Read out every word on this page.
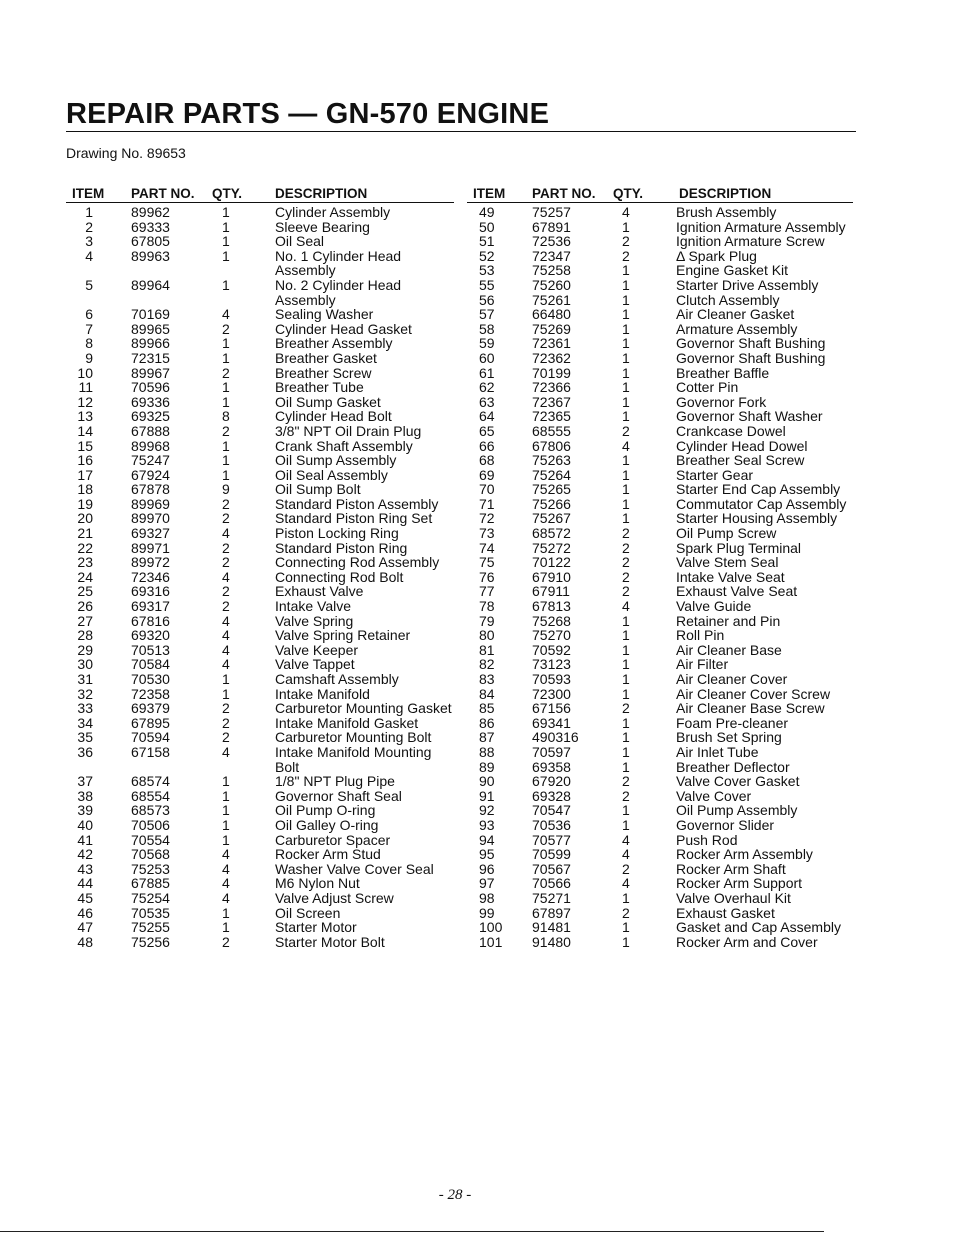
REPAIR PARTS — GN-570 ENGINE
Drawing No. 89653
ITEM PART NO. QTY. DESCRIPTION
1	89962	1	Cylinder Assembly
2	69333	1	Sleeve Bearing
3	67805	1	Oil Seal
4	89963	1	No. 1 Cylinder Head Assembly
5	89964	1	No. 2 Cylinder Head Assembly
6	70169	4	Sealing Washer
7	89965	2	Cylinder Head Gasket
8	89966	1	Breather Assembly
9	72315	1	Breather Gasket
10	89967	2	Breather Screw
11	70596	1	Breather Tube
12	69336	1	Oil Sump Gasket
13	69325	8	Cylinder Head Bolt
14	67888	2	3/8" NPT Oil Drain Plug
15	89968	1	Crank Shaft Assembly
16	75247	1	Oil Sump Assembly
17	67924	1	Oil Seal Assembly
18	67878	9	Oil Sump Bolt
19	89969	2	Standard Piston Assembly
20	89970	2	Standard Piston Ring Set
21	69327	4	Piston Locking Ring
22	89971	2	Standard Piston Ring
23	89972	2	Connecting Rod Assembly
24	72346	4	Connecting Rod Bolt
25	69316	2	Exhaust Valve
26	69317	2	Intake Valve
27	67816	4	Valve Spring
28	69320	4	Valve Spring Retainer
29	70513	4	Valve Keeper
30	70584	4	Valve Tappet
31	70530	1	Camshaft Assembly
32	72358	1	Intake Manifold
33	69379	2	Carburetor Mounting Gasket
34	67895	2	Intake Manifold Gasket
35	70594	2	Carburetor Mounting Bolt
36	67158	4	Intake Manifold Mounting Bolt
37	68574	1	1/8" NPT Plug Pipe
38	68554	1	Governor Shaft Seal
39	68573	1	Oil Pump O-ring
40	70506	1	Oil Galley O-ring
41	70554	1	Carburetor Spacer
42	70568	4	Rocker Arm Stud
43	75253	4	Washer Valve Cover Seal
44	67885	4	M6 Nylon Nut
45	75254	4	Valve Adjust Screw
46	70535	1	Oil Screen
47	75255	1	Starter Motor
48	75256	2	Starter Motor Bolt
ITEM PART NO. QTY.	DESCRIPTION
49	75257	4	Brush Assembly
50	67891	1	Ignition Armature Assembly
51	72536	2	Ignition Armature Screw
52	72347	2	Δ Spark Plug
53	75258	1	Engine Gasket Kit
55	75260	1	Starter Drive Assembly
56	75261	1	Clutch Assembly
57	66480	1	Air Cleaner Gasket
58	75269	1	Armature Assembly
59	72361	1	Governor Shaft Bushing
60	72362	1	Governor Shaft Bushing
61	70199	1	Breather Baffle
62	72366	1	Cotter Pin
63	72367	1	Governor Fork
64	72365	1	Governor Shaft Washer
65	68555	2	Crankcase Dowel
66	67806	4	Cylinder Head Dowel
68	75263	1	Breather Seal Screw
69	75264	1	Starter Gear
70	75265	1	Starter End Cap Assembly
71	75266	1	Commutator Cap Assembly
72	75267	1	Starter Housing Assembly
73	68572	2	Oil Pump Screw
74	75272	2	Spark Plug Terminal
75	70122	2	Valve Stem Seal
76	67910	2	Intake Valve Seat
77	67911	2	Exhaust Valve Seat
78	67813	4	Valve Guide
79	75268	1	Retainer and Pin
80	75270	1	Roll Pin
81	70592	1	Air Cleaner Base
82	73123	1	Air Filter
83	70593	1	Air Cleaner Cover
84	72300	1	Air Cleaner Cover Screw
85	67156	2	Air Cleaner Base Screw
86	69341	1	Foam Pre-cleaner
87	490316	1	Brush Set Spring
88	70597	1	Air Inlet Tube
89	69358	1	Breather Deflector
90	67920	2	Valve Cover Gasket
91	69328	2	Valve Cover
92	70547	1	Oil Pump Assembly
93	70536	1	Governor Slider
94	70577	4	Push Rod
95	70599	4	Rocker Arm Assembly
96	70567	2	Rocker Arm Shaft
97	70566	4	Rocker Arm Support
98	75271	1	Valve Overhaul Kit
99	67897	2	Exhaust Gasket
100 91481	1	Gasket and Cap Assembly
101 91480	1	Rocker Arm and Cover
- 28 -
